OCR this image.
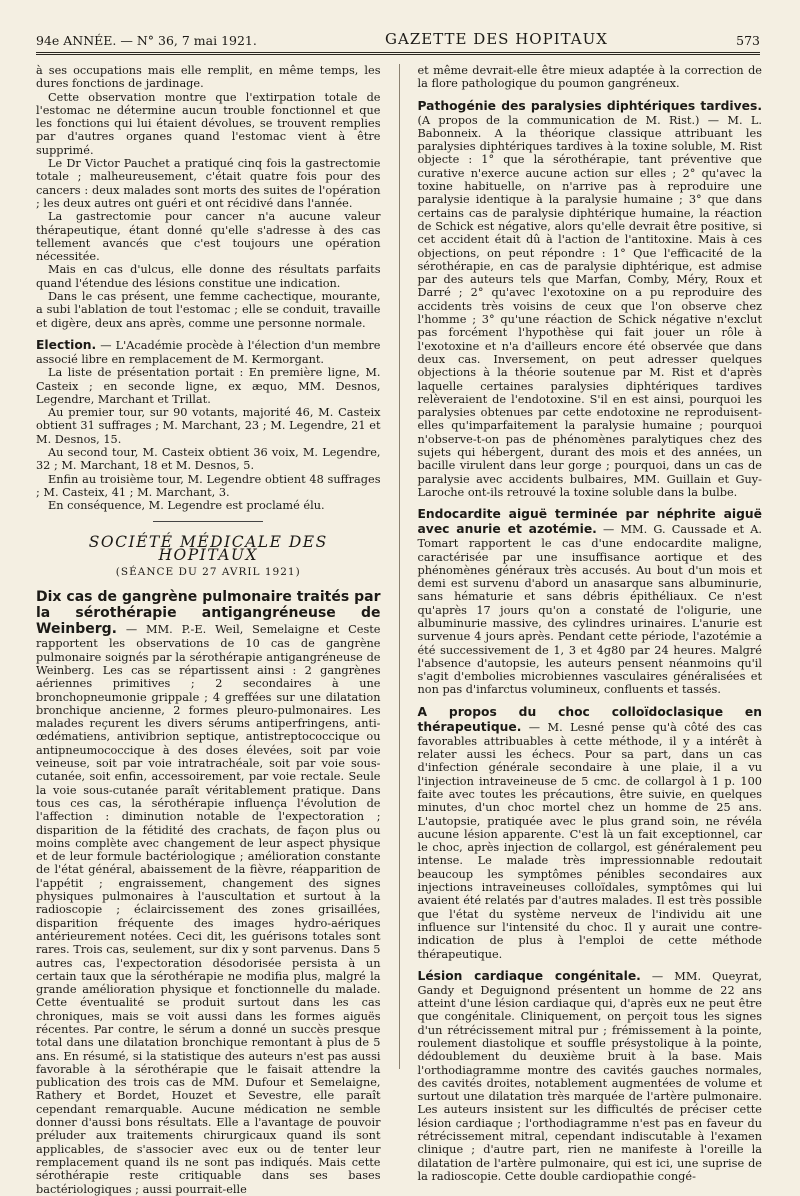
94e ANNÉE. — N° 36, 7 mai 1921.	GAZETTE DES HOPITAUX	573

à ses occupations mais elle remplit, en même temps, les dures fonctions de jardinage.

Cette observation montre que l'extirpation totale de l'estomac ne détermine aucun trouble fonctionnel et que les fonctions qui lui étaient dévolues, se trouvent remplies par d'autres organes quand l'estomac vient à être supprimé.

Le Dr Victor Pauchet a pratiqué cinq fois la gastrectomie totale ; malheureusement, c'était quatre fois pour des cancers : deux malades sont morts des suites de l'opération ; les deux autres ont guéri et ont récidivé dans l'année.

La gastrectomie pour cancer n'a aucune valeur thérapeutique, étant donné qu'elle s'adresse à des cas tellement avancés que c'est toujours une opération nécessitée.

Mais en cas d'ulcus, elle donne des résultats parfaits quand l'étendue des lésions constitue une indication.

Dans le cas présent, une femme cachectique, mourante, a subi l'ablation de tout l'estomac ; elle se conduit, travaille et digère, deux ans après, comme une personne normale.

Election. — L'Académie procède à l'élection d'un membre associé libre en remplacement de M. Kermorgant.

La liste de présentation portait : En première ligne, M. Casteix ; en seconde ligne, ex æquo, MM. Desnos, Legendre, Marchant et Trillat.

Au premier tour, sur 90 votants, majorité 46, M. Casteix obtient 31 suffrages ; M. Marchant, 23 ; M. Legendre, 21 et M. Desnos, 15.

Au second tour, M. Casteix obtient 36 voix, M. Legendre, 32 ; M. Marchant, 18 et M. Desnos, 5.

Enfin au troisième tour, M. Legendre obtient 48 suffrages ; M. Casteix, 41 ; M. Marchant, 3.

En conséquence, M. Legendre est proclamé élu.

SOCIÉTÉ MÉDICALE DES HOPITAUX
(SÉANCE DU 27 AVRIL 1921)

Dix cas de gangrène pulmonaire traités par la sérothérapie antigangréneuse de Weinberg. — MM. P.-E. Weil, Semelaigne et Ceste rapportent les observations de 10 cas de gangrène pulmonaire soignés par la sérothérapie antigangréneuse de Weinberg. Les cas se répartissent ainsi : 2 gangrènes aériennes primitives ; 2 secondaires à une bronchopneumonie grippale ; 4 greffées sur une dilatation bronchique ancienne, 2 formes pleuro-pulmonaires. Les malades reçurent les divers sérums antiperfringens, anti-œdématiens, antivibrion septique, antistreptococcique ou antipneumococcique à des doses élevées, soit par voie veineuse, soit par voie intratrachéale, soit par voie sous-cutanée, soit enfin, accessoirement, par voie rectale. Seule la voie sous-cutanée paraît véritablement pratique. Dans tous ces cas, la sérothérapie influença l'évolution de l'affection : diminution notable de l'expectoration ; disparition de la fétidité des crachats, de façon plus ou moins complète avec changement de leur aspect physique et de leur formule bactériologique ; amélioration constante de l'état général, abaissement de la fièvre, réapparition de l'appétit ; engraissement, changement des signes physiques pulmonaires à l'auscultation et surtout à la radioscopie ; éclaircissement des zones grisaillées, disparition fréquente des images hydro-aériques antérieurement notées. Ceci dit, les guérisons totales sont rares. Trois cas, seulement, sur dix y sont parvenus. Dans 5 autres cas, l'expectoration désodorisée persista à un certain taux que la sérothérapie ne modifia plus, malgré la grande amélioration physique et fonctionnelle du malade. Cette éventualité se produit surtout dans les cas chroniques, mais se voit aussi dans les formes aiguës récentes. Par contre, le sérum a donné un succès presque total dans une dilatation bronchique remontant à plus de 5 ans. En résumé, si la statistique des auteurs n'est pas aussi favorable à la sérothérapie que le faisait attendre la publication des trois cas de MM. Dufour et Semelaigne, Rathery et Bordet, Houzet et Sevestre, elle paraît cependant remarquable. Aucune médication ne semble donner d'aussi bons résultats. Elle a l'avantage de pouvoir préluder aux traitements chirurgicaux quand ils sont applicables, de s'associer avec eux ou de tenter leur remplacement quand ils ne sont pas indiqués. Mais cette sérothérapie reste critiquable dans ses bases bactériologiques ; aussi pourrait-elle

et même devrait-elle être mieux adaptée à la correction de la flore pathologique du poumon gangréneux.

Pathogénie des paralysies diphtériques tardives. (A propos de la communication de M. Rist.) — M. L. Babonneix. A la théorique classique attribuant les paralysies diphtériques tardives à la toxine soluble, M. Rist objecte : 1° que la sérothérapie, tant préventive que curative n'exerce aucune action sur elles ; 2° qu'avec la toxine habituelle, on n'arrive pas à reproduire une paralysie identique à la paralysie humaine ; 3° que dans certains cas de paralysie diphtérique humaine, la réaction de Schick est négative, alors qu'elle devrait être positive, si cet accident était dû à l'action de l'antitoxine. Mais à ces objections, on peut répondre : 1° Que l'efficacité de la sérothérapie, en cas de paralysie diphtérique, est admise par des auteurs tels que Marfan, Comby, Méry, Roux et Darré ; 2° qu'avec l'exotoxine on a pu reproduire des accidents très voisins de ceux que l'on observe chez l'homme ; 3° qu'une réaction de Schick négative n'exclut pas forcément l'hypothèse qui fait jouer un rôle à l'exotoxine et n'a d'ailleurs encore été observée que dans deux cas. Inversement, on peut adresser quelques objections à la théorie soutenue par M. Rist et d'après laquelle certaines paralysies diphtériques tardives relèveraient de l'endotoxine. S'il en est ainsi, pourquoi les paralysies obtenues par cette endotoxine ne reproduisent-elles qu'imparfaitement la paralysie humaine ; pourquoi n'observe-t-on pas de phénomènes paralytiques chez des sujets qui hébergent, durant des mois et des années, un bacille virulent dans leur gorge ; pourquoi, dans un cas de paralysie avec accidents bulbaires, MM. Guillain et Guy-Laroche ont-ils retrouvé la toxine soluble dans la bulbe.

Endocardite aiguë terminée par néphrite aiguë avec anurie et azotémie. — MM. G. Caussade et A. Tomart rapportent le cas d'une endocardite maligne, caractérisée par une insuffisance aortique et des phénomènes généraux très accusés. Au bout d'un mois et demi est survenu d'abord un anasarque sans albuminurie, sans hématurie et sans débris épithéliaux. Ce n'est qu'après 17 jours qu'on a constaté de l'oligurie, une albuminurie massive, des cylindres urinaires. L'anurie est survenue 4 jours après. Pendant cette période, l'azotémie a été successivement de 1, 3 et 4g80 par 24 heures. Malgré l'absence d'autopsie, les auteurs pensent néanmoins qu'il s'agit d'embolies microbiennes vasculaires généralisées et non pas d'infarctus volumineux, confluents et tassés.

A propos du choc colloïdoclasique en thérapeutique. — M. Lesné pense qu'à côté des cas favorables attribuables à cette méthode, il y a intérêt à relater aussi les échecs. Pour sa part, dans un cas d'infection générale secondaire à une plaie, il a vu l'injection intraveineuse de 5 cmc. de collargol à 1 p. 100 faite avec toutes les précautions, être suivie, en quelques minutes, d'un choc mortel chez un homme de 25 ans. L'autopsie, pratiquée avec le plus grand soin, ne révéla aucune lésion apparente. C'est là un fait exceptionnel, car le choc, après injection de collargol, est généralement peu intense. Le malade très impressionnable redoutait beaucoup les symptômes pénibles secondaires aux injections intraveineuses colloïdales, symptômes qui lui avaient été relatés par d'autres malades. Il est très possible que l'état du système nerveux de l'individu ait une influence sur l'intensité du choc. Il y aurait une contre-indication de plus à l'emploi de cette méthode thérapeutique.

Lésion cardiaque congénitale. — MM. Queyrat, Gandy et Deguignond présentent un homme de 22 ans atteint d'une lésion cardiaque qui, d'après eux ne peut être que congénitale. Cliniquement, on perçoit tous les signes d'un rétrécissement mitral pur ; frémissement à la pointe, roulement diastolique et souffle présystolique à la pointe, dédoublement du deuxième bruit à la base. Mais l'orthodiagramme montre des cavités gauches normales, des cavités droites, notablement augmentées de volume et surtout une dilatation très marquée de l'artère pulmonaire. Les auteurs insistent sur les difficultés de préciser cette lésion cardiaque ; l'orthodiagramme n'est pas en faveur du rétrécissement mitral, cependant indiscutable à l'examen clinique ; d'autre part, rien ne manifeste à l'oreille la dilatation de l'artère pulmonaire, qui est ici, une suprise de la radioscopie. Cette double cardiopathie congé-
